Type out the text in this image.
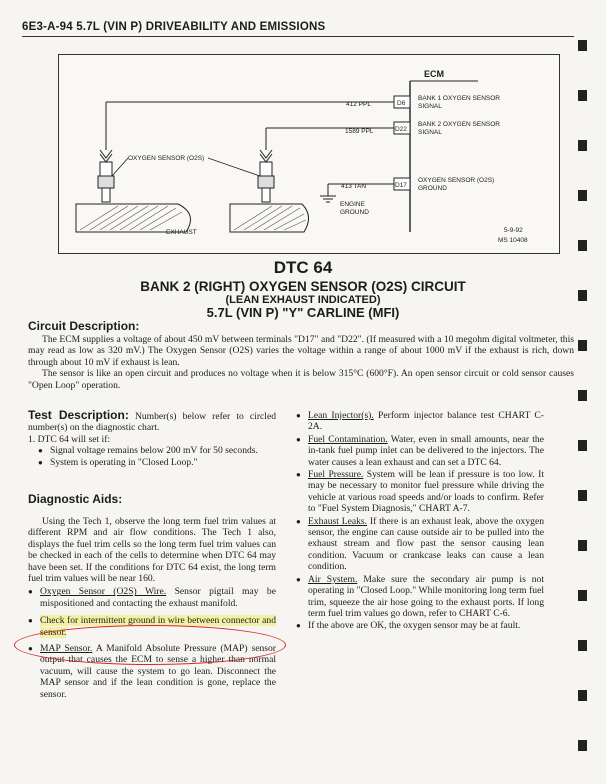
6E3-A-94 5.7L (VIN P) DRIVEABILITY AND EMISSIONS
ECM
D6
D22
D17
BANK 1 OXYGEN SENSOR
SIGNAL
BANK 2 OXYGEN SENSOR
SIGNAL
OXYGEN SENSOR (O2S)
GROUND
412 PPL
1589 PPL
413 TAN
ENGINE
GROUND
EXHAUST
OXYGEN SENSOR (O2S)
5-9-92
MS 10408
DTC 64
BANK 2 (RIGHT) OXYGEN SENSOR (O2S) CIRCUIT
(LEAN EXHAUST INDICATED)
5.7L (VIN P) "Y" CARLINE (MFI)
Circuit Description:

The ECM supplies a voltage of about 450 mV between terminals "D17" and "D22". (If measured with a 10 megohm digital voltmeter, this may read as low as 320 mV.) The Oxygen Sensor (O2S) varies the voltage within a range of about 1000 mV if the exhaust is rich, down through about 10 mV if exhaust is lean.

The sensor is like an open circuit and produces no voltage when it is below 315°C (600°F). An open sensor circuit or cold sensor causes "Open Loop" operation.

Test Description: Number(s) below refer to circled number(s) on the diagnostic chart.

1. DTC 64 will set if:

● Signal voltage remains below 200 mV for 50 seconds.

● System is operating in "Closed Loop."

Diagnostic Aids:

Using the Tech 1, observe the long term fuel trim values at different RPM and air flow conditions. The Tech 1 also, displays the fuel trim cells so the long term fuel trim values can be checked in each of the cells to determine when DTC 64 may have been set. If the conditions for DTC 64 exist, the long term fuel trim values will be near 160.

● Oxygen Sensor (O2S) Wire. Sensor pigtail may be mispositioned and contacting the exhaust manifold.

● Check for intermittent ground in wire between connector and sensor.

● MAP Sensor. A Manifold Absolute Pressure (MAP) sensor output that causes the ECM to sense a higher than normal vacuum, will cause the system to go lean. Disconnect the MAP sensor and if the lean condition is gone, replace the sensor.

● Lean Injector(s). Perform injector balance test CHART C-2A.

● Fuel Contamination. Water, even in small amounts, near the in-tank fuel pump inlet can be delivered to the injectors. The water causes a lean exhaust and can set a DTC 64.

● Fuel Pressure. System will be lean if pressure is too low. It may be necessary to monitor fuel pressure while driving the vehicle at various road speeds and/or loads to confirm. Refer to "Fuel System Diagnosis," CHART A-7.

● Exhaust Leaks. If there is an exhaust leak, above the oxygen sensor, the engine can cause outside air to be pulled into the exhaust stream and flow past the sensor causing lean condition. Vacuum or crankcase leaks can cause a lean condition.

● Air System. Make sure the secondary air pump is not operating in "Closed Loop." While monitoring long term fuel trim, squeeze the air hose going to the exhaust ports. If long term fuel trim values go down, refer to CHART C-6.

● If the above are OK, the oxygen sensor may be at fault.
